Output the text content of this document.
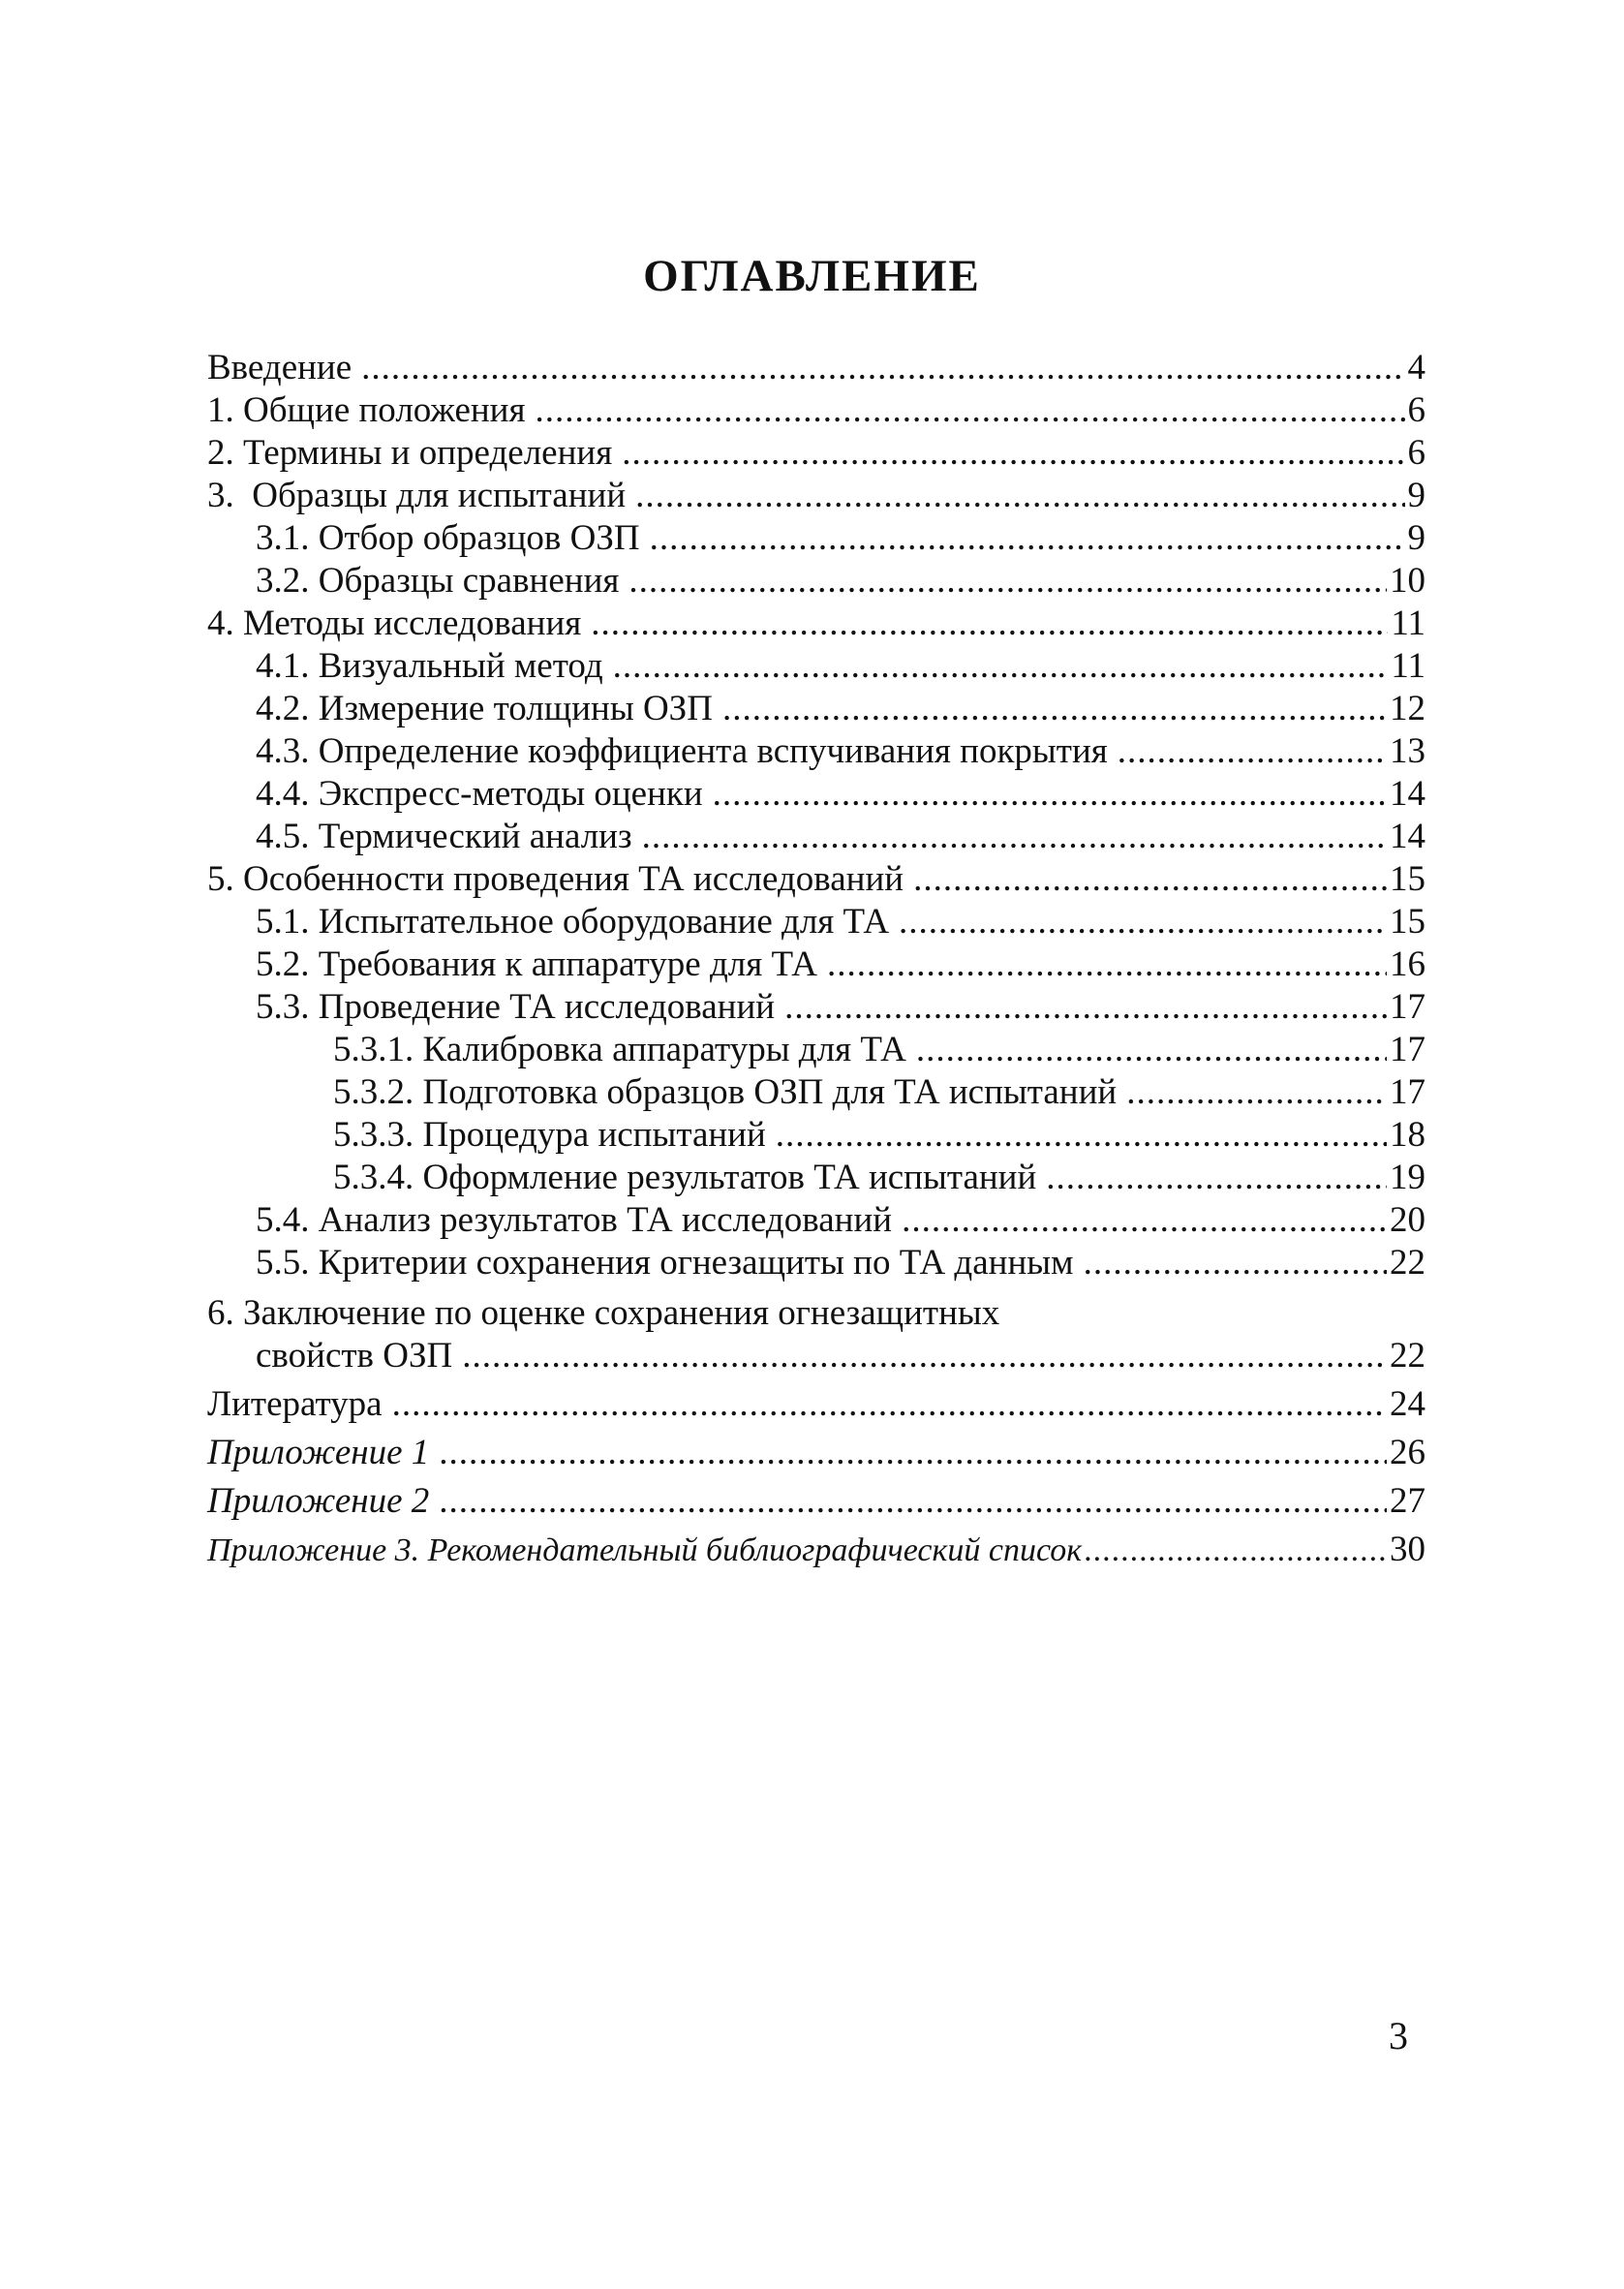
ОГЛАВЛЕНИЕ
Введение .....	4
1. Общие положения .....	6
2. Термины и определения .....	6
3.  Образцы для испытаний .....	9
3.1. Отбор образцов ОЗП .....	9
3.2. Образцы сравнения .....	10
4. Методы исследования .....	11
4.1. Визуальный метод .....	11
4.2. Измерение толщины ОЗП .....	12
4.3. Определение коэффициента вспучивания покрытия .....	13
4.4. Экспресс-методы оценки .....	14
4.5. Термический анализ .....	14
5. Особенности проведения ТА исследований .....	15
5.1. Испытательное оборудование для ТА .....	15
5.2. Требования к аппаратуре для ТА .....	16
5.3. Проведение ТА исследований .....	17
5.3.1. Калибровка аппаратуры для ТА .....	17
5.3.2. Подготовка образцов ОЗП для ТА испытаний .....	17
5.3.3. Процедура испытаний .....	18
5.3.4. Оформление результатов ТА испытаний .....	19
5.4. Анализ результатов ТА исследований .....	20
5.5. Критерии сохранения огнезащиты по ТА данным .....	22
6. Заключение по оценке сохранения огнезащитных
свойств ОЗП .....	22
Литература .....	24
Приложение 1 .....	26
Приложение 2 .....	27
Приложение 3. Рекомендательный библиографический список .....	30
3
